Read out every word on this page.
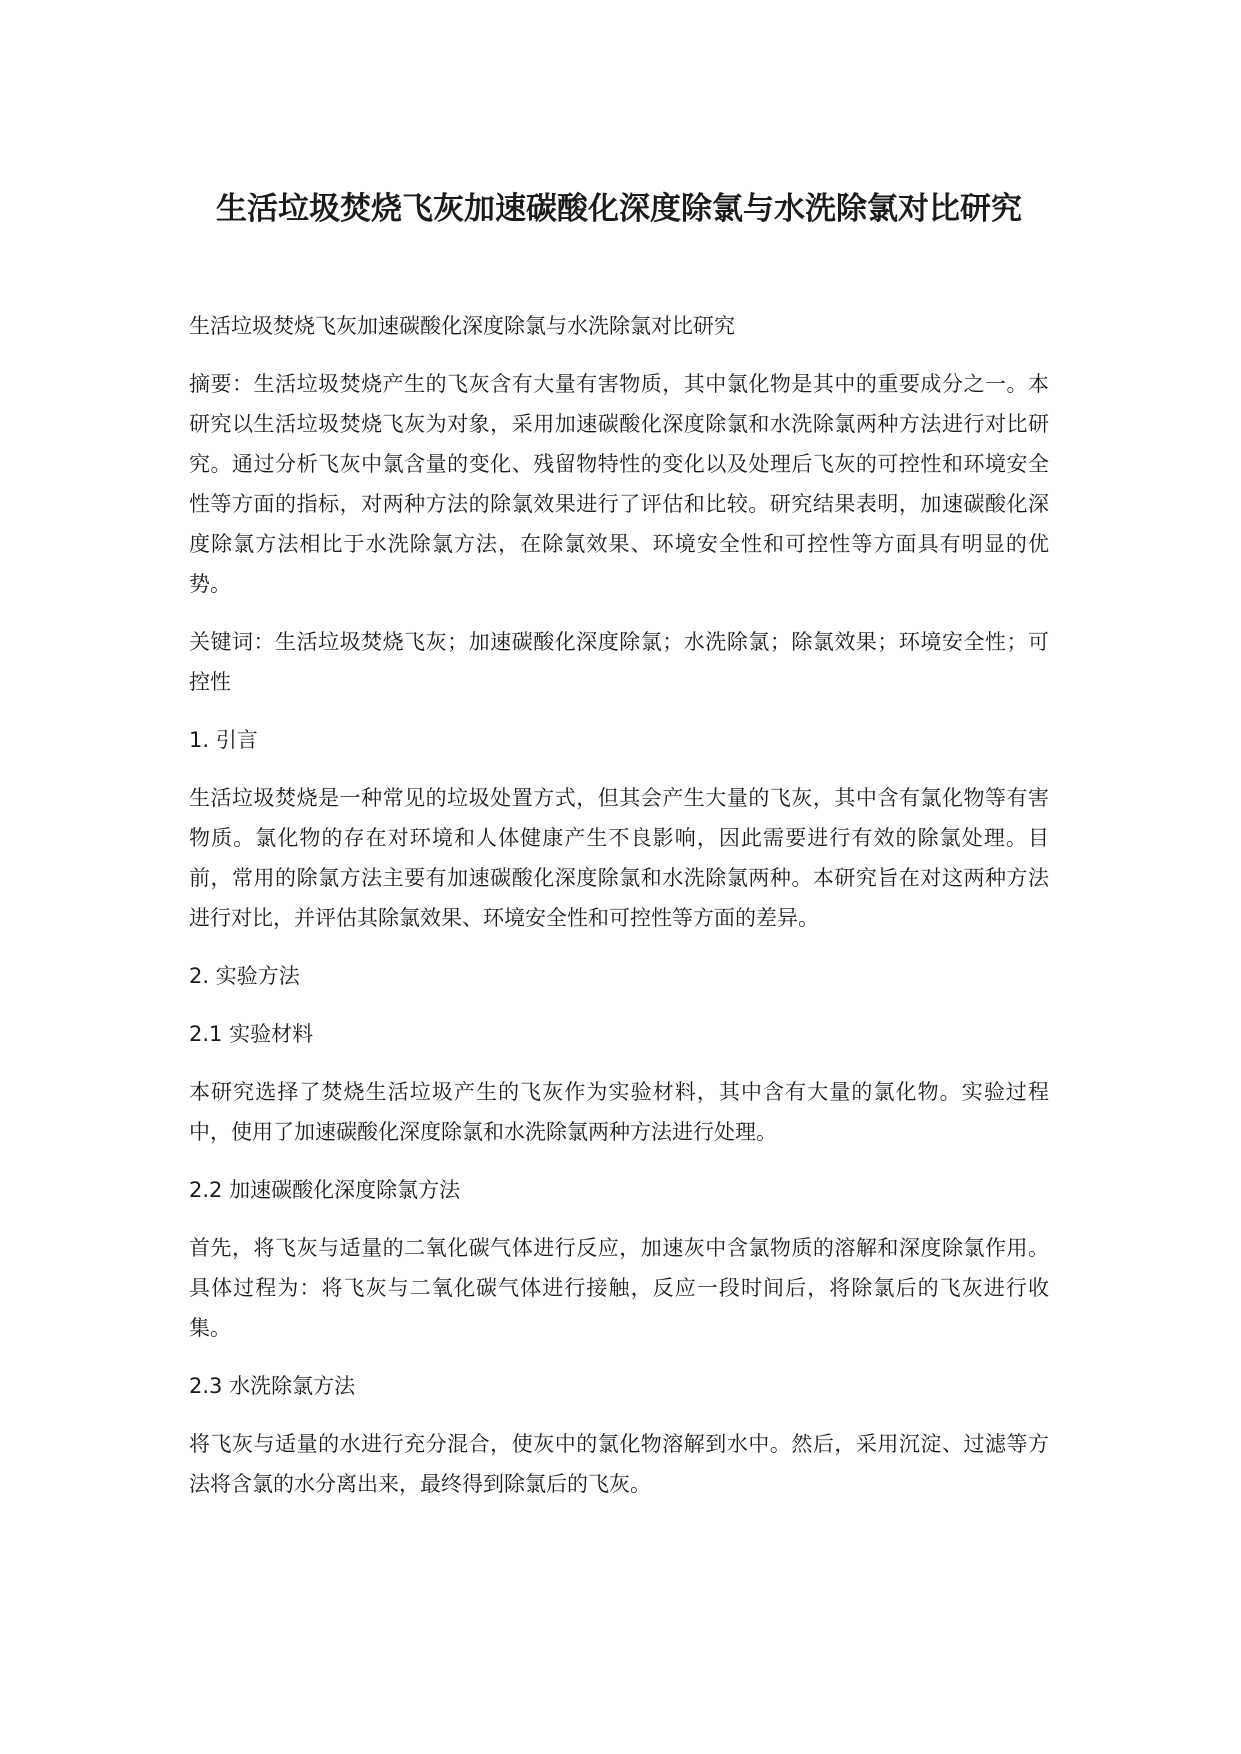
生活垃圾焚烧飞灰加速碳酸化深度除氯与水洗除氯对比研究

生活垃圾焚烧飞灰加速碳酸化深度除氯与水洗除氯对比研究

摘要：生活垃圾焚烧产生的飞灰含有大量有害物质，其中氯化物是其中的重要成分之一。本研究以生活垃圾焚烧飞灰为对象，采用加速碳酸化深度除氯和水洗除氯两种方法进行对比研究。通过分析飞灰中氯含量的变化、残留物特性的变化以及处理后飞灰的可控性和环境安全性等方面的指标，对两种方法的除氯效果进行了评估和比较。研究结果表明，加速碳酸化深度除氯方法相比于水洗除氯方法，在除氯效果、环境安全性和可控性等方面具有明显的优势。

关键词：生活垃圾焚烧飞灰；加速碳酸化深度除氯；水洗除氯；除氯效果；环境安全性；可控性

1. 引言

生活垃圾焚烧是一种常见的垃圾处置方式，但其会产生大量的飞灰，其中含有氯化物等有害物质。氯化物的存在对环境和人体健康产生不良影响，因此需要进行有效的除氯处理。目前，常用的除氯方法主要有加速碳酸化深度除氯和水洗除氯两种。本研究旨在对这两种方法进行对比，并评估其除氯效果、环境安全性和可控性等方面的差异。

2. 实验方法

2.1 实验材料

本研究选择了焚烧生活垃圾产生的飞灰作为实验材料，其中含有大量的氯化物。实验过程中，使用了加速碳酸化深度除氯和水洗除氯两种方法进行处理。

2.2 加速碳酸化深度除氯方法

首先，将飞灰与适量的二氧化碳气体进行反应，加速灰中含氯物质的溶解和深度除氯作用。具体过程为：将飞灰与二氧化碳气体进行接触，反应一段时间后，将除氯后的飞灰进行收集。

2.3 水洗除氯方法

将飞灰与适量的水进行充分混合，使灰中的氯化物溶解到水中。然后，采用沉淀、过滤等方法将含氯的水分离出来，最终得到除氯后的飞灰。
